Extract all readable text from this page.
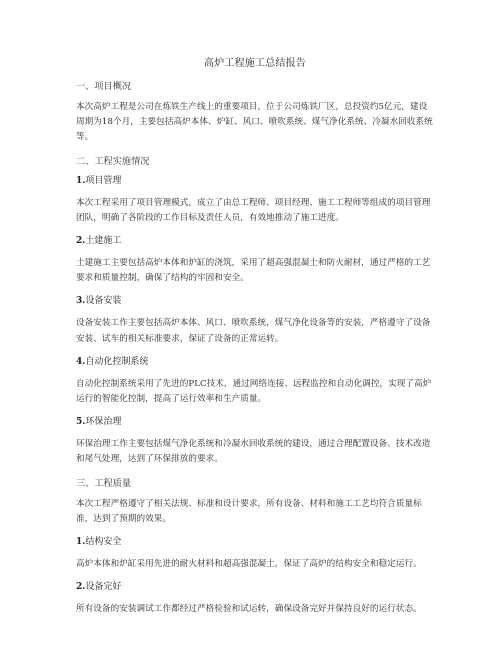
高炉工程施工总结报告
一、项目概况
本次高炉工程是公司在炼铁生产线上的重要项目，位于公司炼铁厂区，总投资约5亿元，建设周期为18个月，主要包括高炉本体、炉缸、风口、喷吹系统、煤气净化系统、冷凝水回收系统等。
二、工程实施情况
1.项目管理
本次工程采用了项目管理模式，成立了由总工程师、项目经理、施工工程师等组成的项目管理团队，明确了各阶段的工作目标及责任人员，有效地推动了施工进度。
2.土建施工
土建施工主要包括高炉本体和炉缸的浇筑，采用了超高强混凝土和防火耐材，通过严格的工艺要求和质量控制，确保了结构的牢固和安全。
3.设备安装
设备安装工作主要包括高炉本体、风口、喷吹系统，煤气净化设备等的安装，严格遵守了设备安装、试车的相关标准要求，保证了设备的正常运转。
4.自动化控制系统
自动化控制系统采用了先进的PLC技术，通过网络连接、远程监控和自动化调控，实现了高炉运行的智能化控制，提高了运行效率和生产质量。
5.环保治理
环保治理工作主要包括煤气净化系统和冷凝水回收系统的建设，通过合理配置设备、技术改造和尾气处理，达到了环保排放的要求。
三、工程质量
本次工程严格遵守了相关法规、标准和设计要求，所有设备、材料和施工工艺均符合质量标准，达到了预期的效果。
1.结构安全
高炉本体和炉缸采用先进的耐火材料和超高强混凝土，保证了高炉的结构安全和稳定运行。
2.设备完好
所有设备的安装调试工作都经过严格检验和试运转，确保设备完好并保持良好的运行状态。
